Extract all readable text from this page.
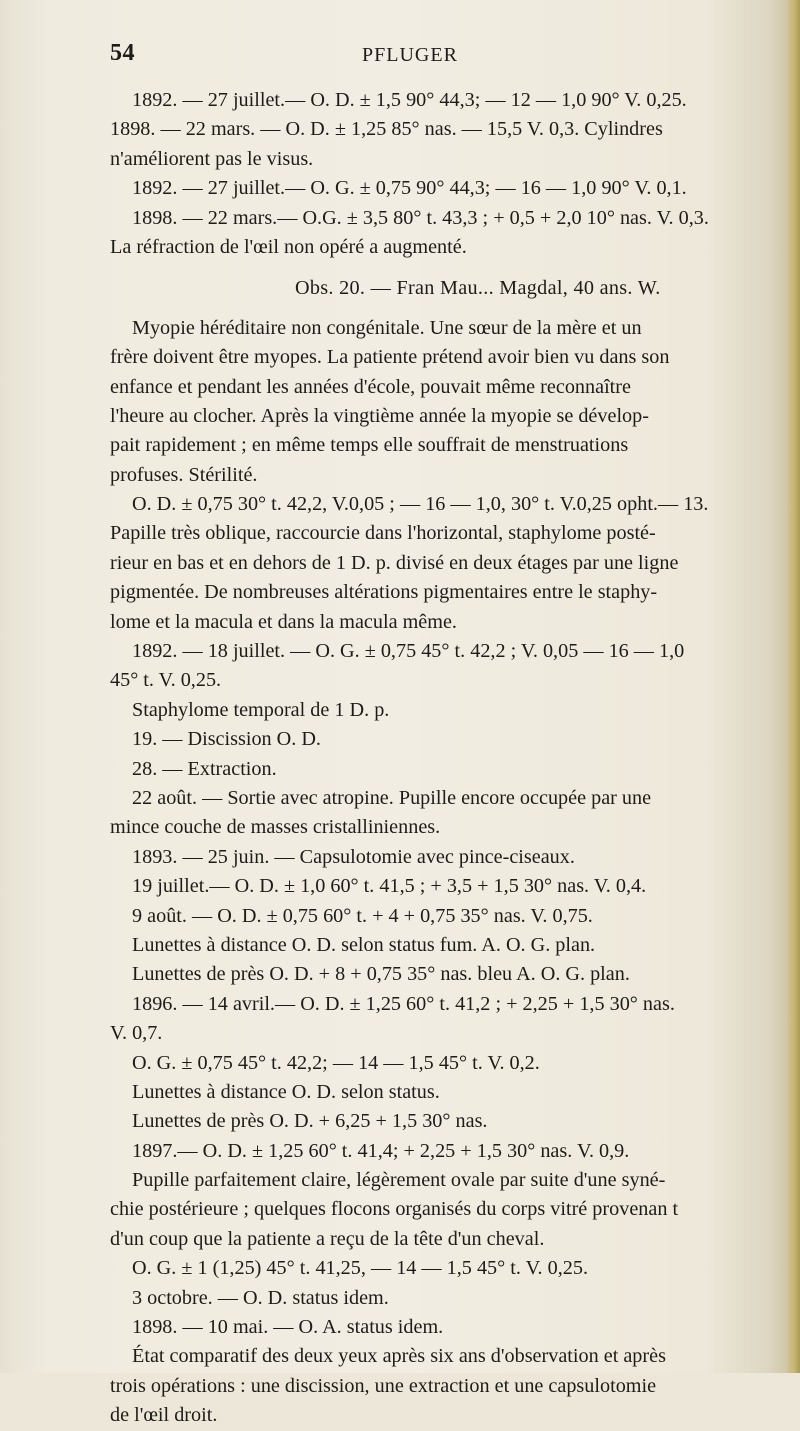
54	PFLUGER
1892. — 27 juillet.— O. D. ± 1,5 90° 44,3; — 12 — 1,0 90° V. 0,25.
1898. — 22 mars. — O. D. ± 1,25 85° nas. — 15,5 V. 0,3. Cylindres
n'améliorent pas le visus.
1892. — 27 juillet.— O. G. ± 0,75 90° 44,3; — 16 — 1,0 90° V. 0,1.
1898. — 22 mars.— O.G. ± 3,5 80° t. 43,3 ; + 0,5 + 2,0 10° nas. V. 0,3.
La réfraction de l'œil non opéré a augmenté.
Obs. 20. — Fran Mau... Magdal, 40 ans. W.
Myopie héréditaire non congénitale. Une sœur de la mère et un
frère doivent être myopes. La patiente prétend avoir bien vu dans son
enfance et pendant les années d'école, pouvait même reconnaître
l'heure au clocher. Après la vingtième année la myopie se dévelop-
pait rapidement ; en même temps elle souffrait de menstruations
profuses. Stérilité.
O. D. ± 0,75 30° t. 42,2, V.0,05 ; — 16 — 1,0, 30° t. V.0,25 opht.— 13.
Papille très oblique, raccourcie dans l'horizontal, staphylome posté-
rieur en bas et en dehors de 1 D. p. divisé en deux étages par une ligne
pigmentée. De nombreuses altérations pigmentaires entre le staphy-
lome et la macula et dans la macula même.
1892. — 18 juillet. — O. G. ± 0,75 45° t. 42,2 ; V. 0,05 — 16 — 1,0
45° t. V. 0,25.
Staphylome temporal de 1 D. p.
19. — Discission O. D.
28. — Extraction.
22 août. — Sortie avec atropine. Pupille encore occupée par une
mince couche de masses cristalliniennes.
1893. — 25 juin. — Capsulotomie avec pince-ciseaux.
19 juillet.— O. D. ± 1,0 60° t. 41,5 ; + 3,5 + 1,5 30° nas. V. 0,4.
9 août. — O. D. ± 0,75 60° t. + 4 + 0,75 35° nas. V. 0,75.
Lunettes à distance O. D. selon status fum. A. O. G. plan.
Lunettes de près O. D. + 8 + 0,75 35° nas. bleu A. O. G. plan.
1896. — 14 avril.— O. D. ± 1,25 60° t. 41,2 ; + 2,25 + 1,5 30° nas.
V. 0,7.
O. G. ± 0,75 45° t. 42,2; — 14 — 1,5 45° t. V. 0,2.
Lunettes à distance O. D. selon status.
Lunettes de près O. D. + 6,25 + 1,5 30° nas.
1897.— O. D. ± 1,25 60° t. 41,4; + 2,25 + 1,5 30° nas. V. 0,9.
Pupille parfaitement claire, légèrement ovale par suite d'une syné-
chie postérieure ; quelques flocons organisés du corps vitré provenan t
d'un coup que la patiente a reçu de la tête d'un cheval.
O. G. ± 1 (1,25) 45° t. 41,25, — 14 — 1,5 45° t. V. 0,25.
3 octobre. — O. D. status idem.
1898. — 10 mai. — O. A. status idem.
État comparatif des deux yeux après six ans d'observation et après
trois opérations : une discission, une extraction et une capsulotomie
de l'œil droit.
